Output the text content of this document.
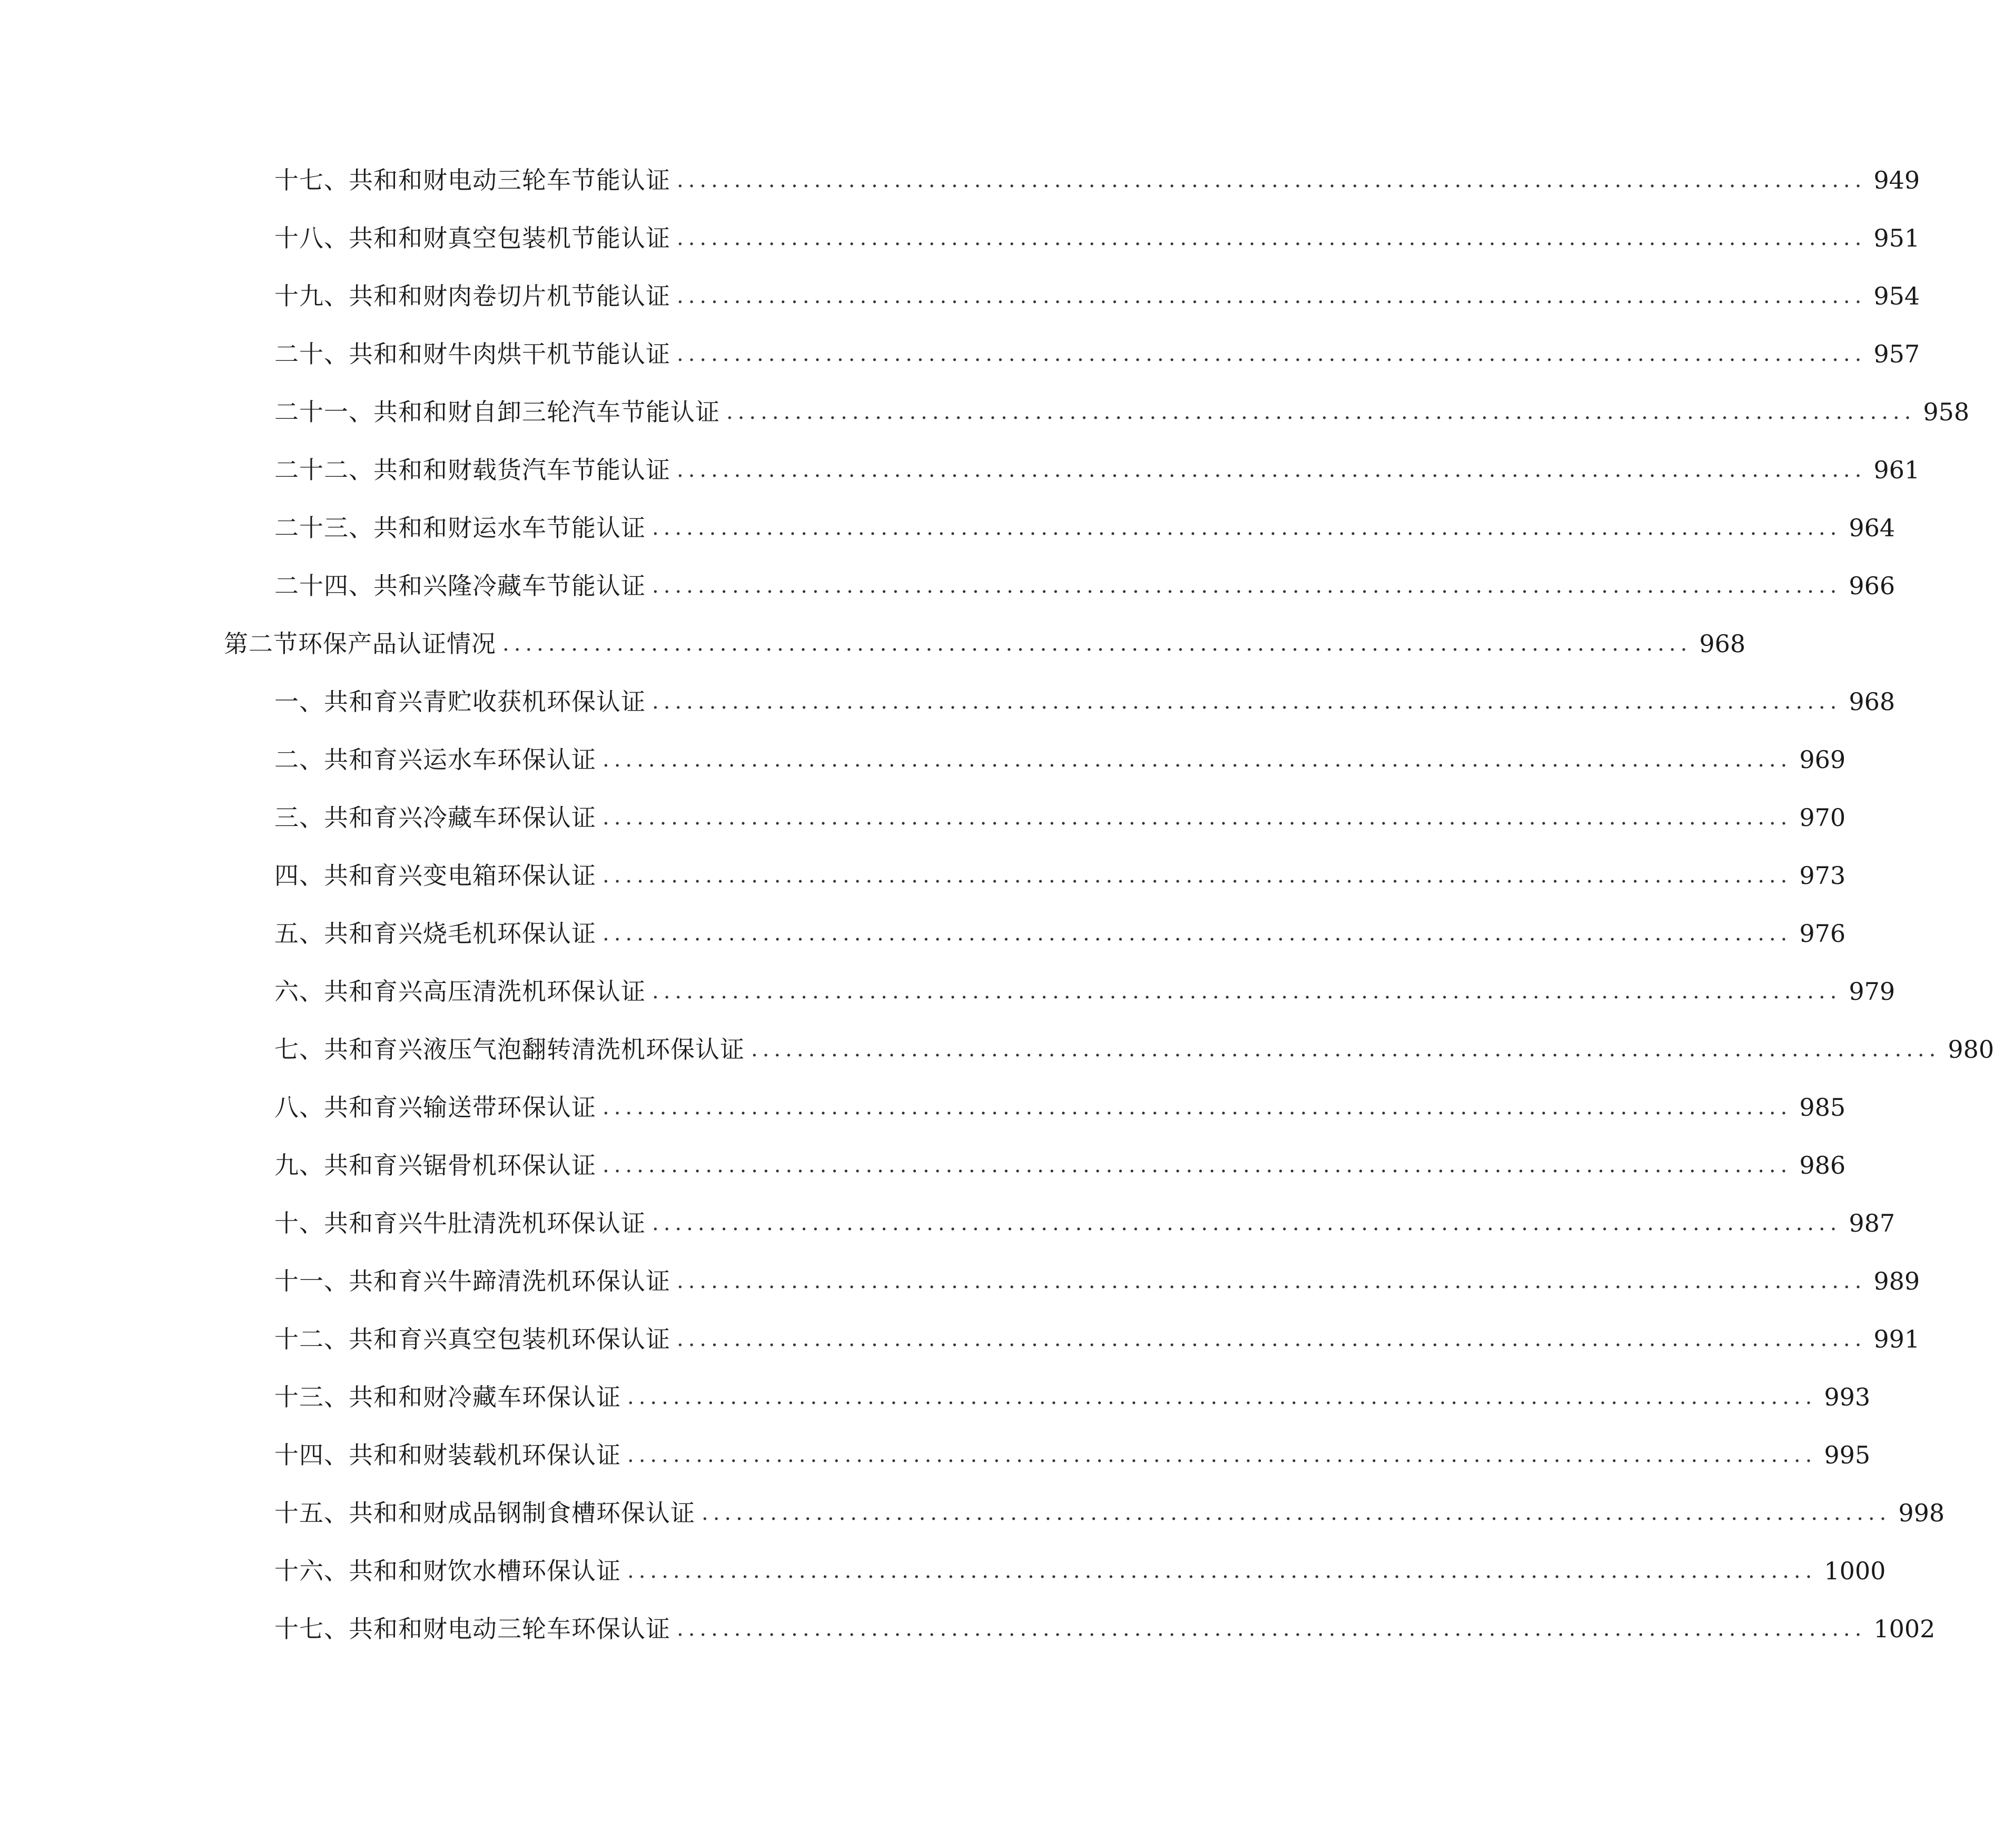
十七、 共和和财电动三轮车节能认证 ........................................................................................................ 949
十八、 共和和财真空包装机节能认证 ........................................................................................................ 951
十九、 共和和财肉卷切片机节能认证 ........................................................................................................ 954
二十、 共和和财牛肉烘干机节能认证 ........................................................................................................ 957
二十一、 共和和财自卸三轮汽车节能认证 ........................................................................................................ 958
二十二、 共和和财载货汽车节能认证 ........................................................................................................ 961
二十三、 共和和财运水车节能认证 ........................................................................................................ 964
二十四、 共和兴隆冷藏车节能认证 ........................................................................................................ 966
第二节 环保产品认证情况 ........................................................................................................ 968
一、 共和育兴青贮收获机环保认证 ........................................................................................................ 968
二、 共和育兴运水车环保认证 ........................................................................................................ 969
三、 共和育兴冷藏车环保认证 ........................................................................................................ 970
四、 共和育兴变电箱环保认证 ........................................................................................................ 973
五、 共和育兴烧毛机环保认证 ........................................................................................................ 976
六、 共和育兴高压清洗机环保认证 ........................................................................................................ 979
七、 共和育兴液压气泡翻转清洗机环保认证 ........................................................................................................ 980
八、 共和育兴输送带环保认证 ........................................................................................................ 985
九、 共和育兴锯骨机环保认证 ........................................................................................................ 986
十、 共和育兴牛肚清洗机环保认证 ........................................................................................................ 987
十一、 共和育兴牛蹄清洗机环保认证 ........................................................................................................ 989
十二、 共和育兴真空包装机环保认证 ........................................................................................................ 991
十三、 共和和财冷藏车环保认证 ........................................................................................................ 993
十四、 共和和财装载机环保认证 ........................................................................................................ 995
十五、 共和和财成品钢制食槽环保认证 ........................................................................................................ 998
十六、 共和和财饮水槽环保认证 ........................................................................................................ 1000
十七、 共和和财电动三轮车环保认证 ........................................................................................................ 1002
